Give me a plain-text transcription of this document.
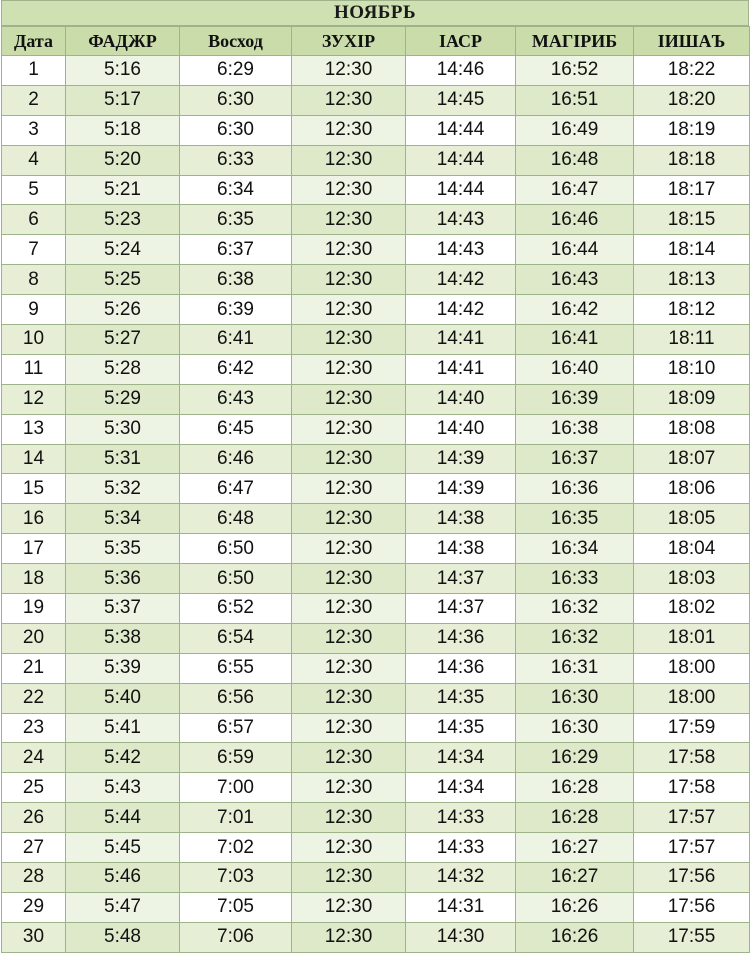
НОЯБРЬ
Дата	ФАДЖР	Восход	ЗУХIР	IАСР	МАГIРИБ	IИШАЪ
1	5:16	6:29	12:30	14:46	16:52	18:22
2	5:17	6:30	12:30	14:45	16:51	18:20
3	5:18	6:30	12:30	14:44	16:49	18:19
4	5:20	6:33	12:30	14:44	16:48	18:18
5	5:21	6:34	12:30	14:44	16:47	18:17
6	5:23	6:35	12:30	14:43	16:46	18:15
7	5:24	6:37	12:30	14:43	16:44	18:14
8	5:25	6:38	12:30	14:42	16:43	18:13
9	5:26	6:39	12:30	14:42	16:42	18:12
10	5:27	6:41	12:30	14:41	16:41	18:11
11	5:28	6:42	12:30	14:41	16:40	18:10
12	5:29	6:43	12:30	14:40	16:39	18:09
13	5:30	6:45	12:30	14:40	16:38	18:08
14	5:31	6:46	12:30	14:39	16:37	18:07
15	5:32	6:47	12:30	14:39	16:36	18:06
16	5:34	6:48	12:30	14:38	16:35	18:05
17	5:35	6:50	12:30	14:38	16:34	18:04
18	5:36	6:50	12:30	14:37	16:33	18:03
19	5:37	6:52	12:30	14:37	16:32	18:02
20	5:38	6:54	12:30	14:36	16:32	18:01
21	5:39	6:55	12:30	14:36	16:31	18:00
22	5:40	6:56	12:30	14:35	16:30	18:00
23	5:41	6:57	12:30	14:35	16:30	17:59
24	5:42	6:59	12:30	14:34	16:29	17:58
25	5:43	7:00	12:30	14:34	16:28	17:58
26	5:44	7:01	12:30	14:33	16:28	17:57
27	5:45	7:02	12:30	14:33	16:27	17:57
28	5:46	7:03	12:30	14:32	16:27	17:56
29	5:47	7:05	12:30	14:31	16:26	17:56
30	5:48	7:06	12:30	14:30	16:26	17:55
